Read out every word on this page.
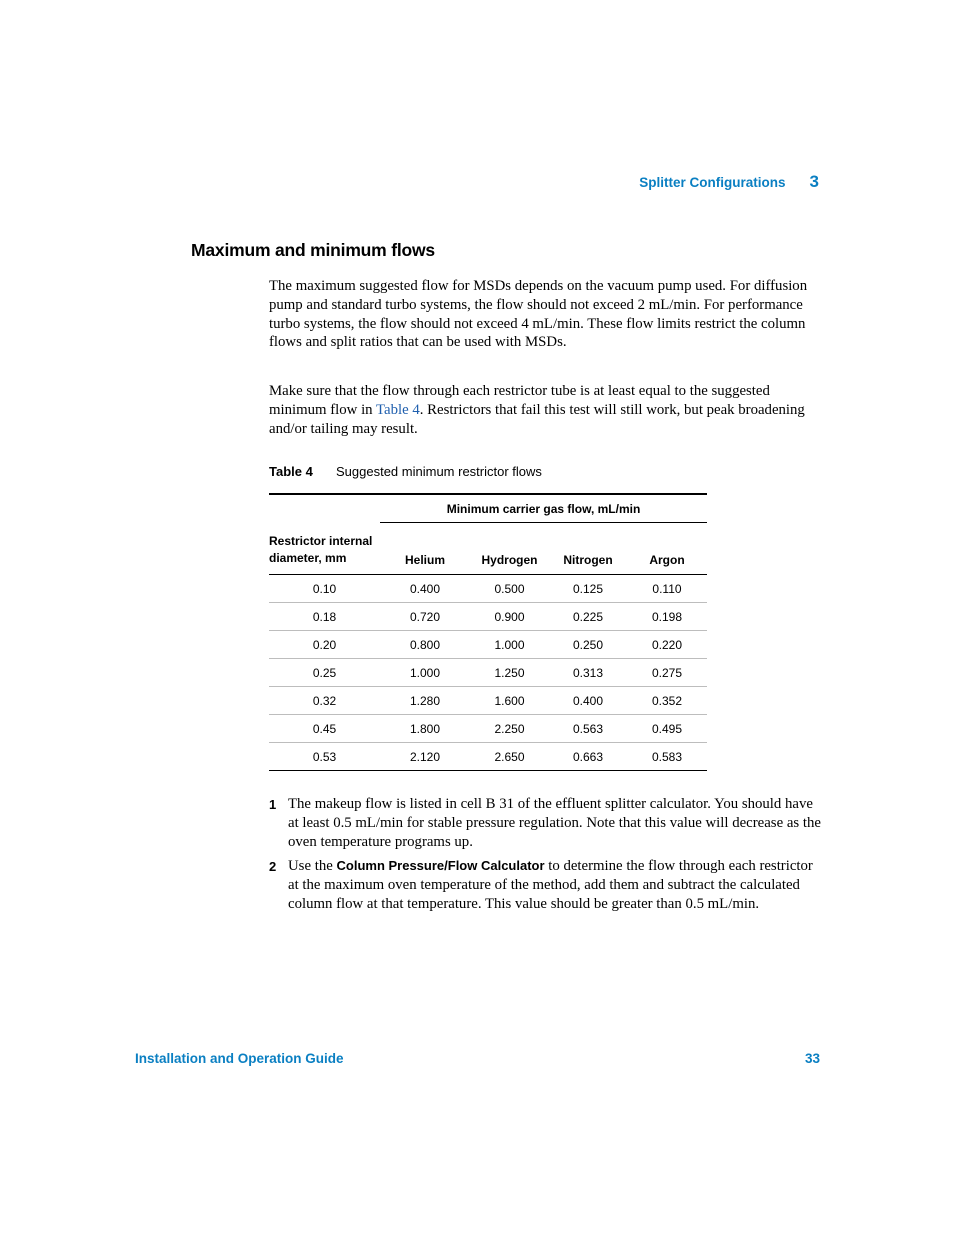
Splitter Configurations 3
Maximum and minimum flows

The maximum suggested flow for MSDs depends on the vacuum pump used. For diffusion pump and standard turbo systems, the flow should not exceed 2 mL/min. For performance turbo systems, the flow should not exceed 4 mL/min. These flow limits restrict the column flows and split ratios that can be used with MSDs.

Make sure that the flow through each restrictor tube is at least equal to the suggested minimum flow in Table 4. Restrictors that fail this test will still work, but peak broadening and/or tailing may result.

Table 4 Suggested minimum restrictor flows
	Minimum carrier gas flow, mL/min			
Restrictor internal diameter, mm	Helium	Hydrogen	Nitrogen	Argon
0.10	0.400	0.500	0.125	0.110
0.18	0.720	0.900	0.225	0.198
0.20	0.800	1.000	0.250	0.220
0.25	1.000	1.250	0.313	0.275
0.32	1.280	1.600	0.400	0.352
0.45	1.800	2.250	0.563	0.495
0.53	2.120	2.650	0.663	0.583
1 The makeup flow is listed in cell B 31 of the effluent splitter calculator. You should have at least 0.5 mL/min for stable pressure regulation. Note that this value will decrease as the oven temperature programs up.
2 Use the Column Pressure/Flow Calculator to determine the flow through each restrictor at the maximum oven temperature of the method, add them and subtract the calculated column flow at that temperature. This value should be greater than 0.5 mL/min.
Installation and Operation Guide	33
